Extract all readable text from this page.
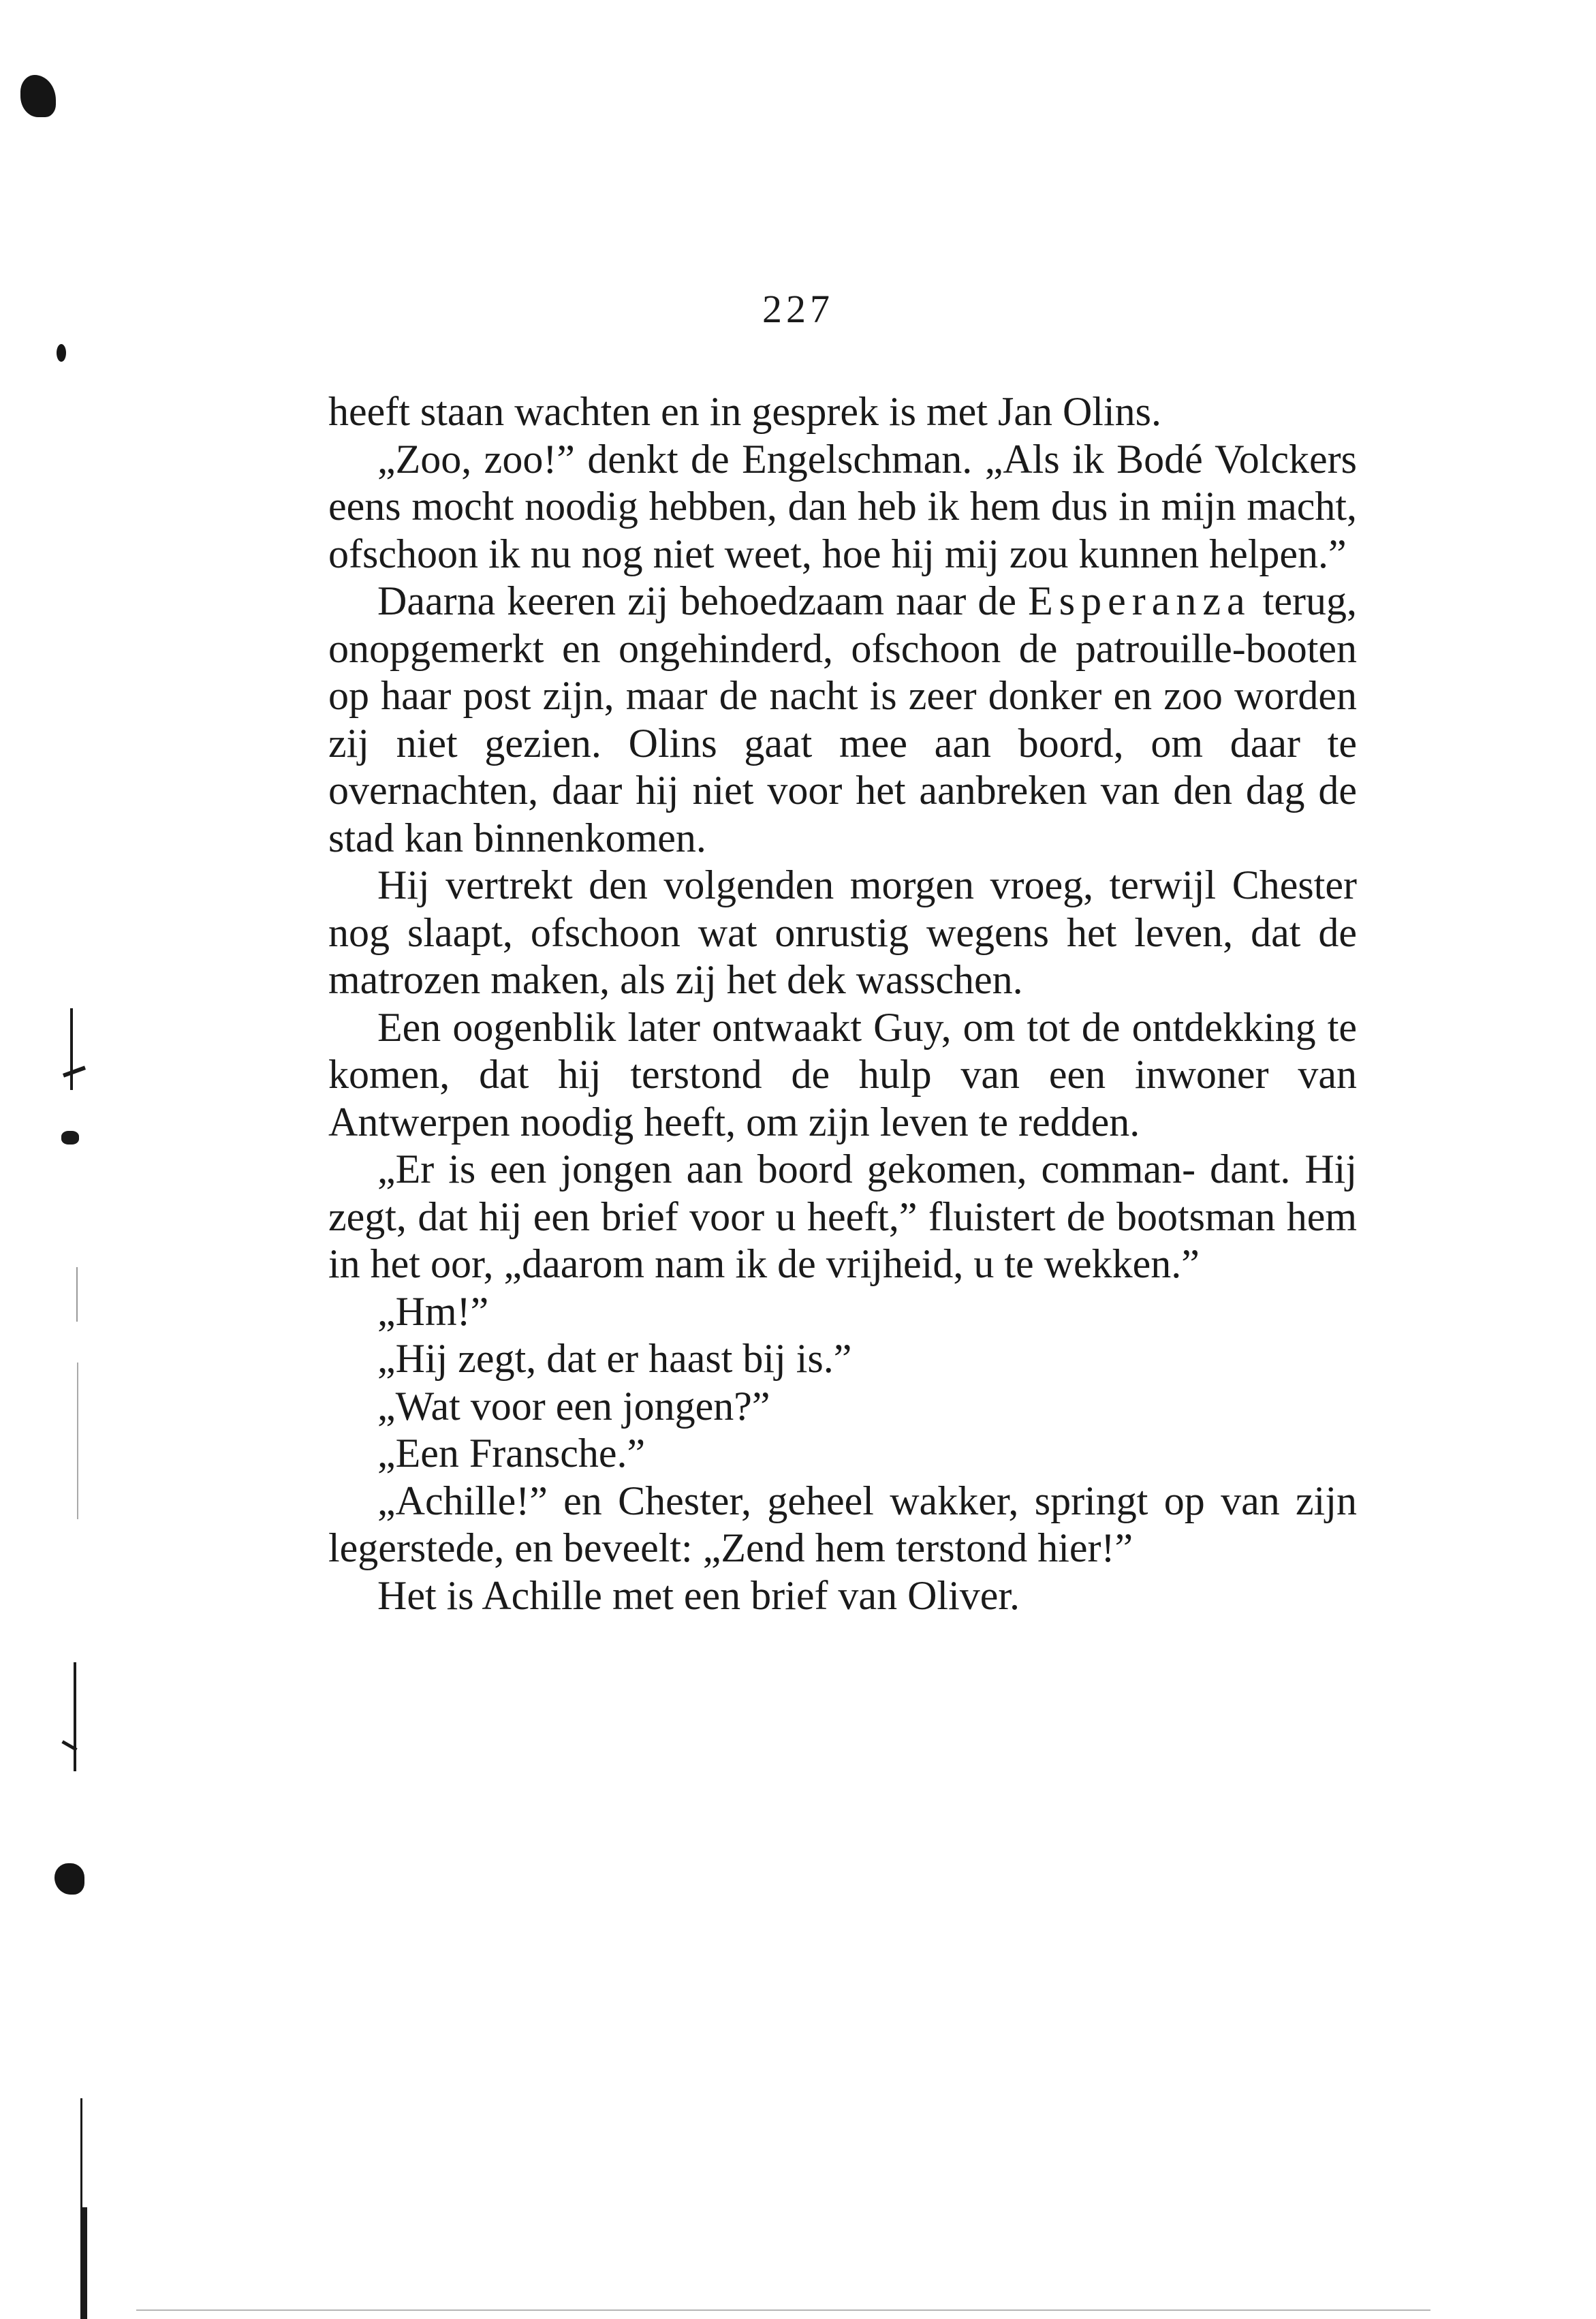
227

heeft staan wachten en in gesprek is met Jan Olins.

„Zoo, zoo!” denkt de Engelschman. „Als ik Bodé Volckers eens mocht noodig hebben, dan heb ik hem dus in mijn macht, ofschoon ik nu nog niet weet, hoe hij mij zou kunnen helpen.”

Daarna keeren zij behoedzaam naar de Esperanza terug, onopgemerkt en ongehinderd, ofschoon de patrouille-booten op haar post zijn, maar de nacht is zeer donker en zoo worden zij niet gezien. Olins gaat mee aan boord, om daar te overnachten, daar hij niet voor het aanbreken van den dag de stad kan binnenkomen.

Hij vertrekt den volgenden morgen vroeg, terwijl Chester nog slaapt, ofschoon wat onrustig wegens het leven, dat de matrozen maken, als zij het dek wasschen.

Een oogenblik later ontwaakt Guy, om tot de ontdekking te komen, dat hij terstond de hulp van een inwoner van Antwerpen noodig heeft, om zijn leven te redden.

„Er is een jongen aan boord gekomen, comman- dant. Hij zegt, dat hij een brief voor u heeft,” fluistert de bootsman hem in het oor, „daarom nam ik de vrijheid, u te wekken.”

„Hm!”

„Hij zegt, dat er haast bij is.”

„Wat voor een jongen?”

„Een Fransche.”

„Achille!” en Chester, geheel wakker, springt op van zijn legerstede, en beveelt: „Zend hem terstond hier!”

Het is Achille met een brief van Oliver.
